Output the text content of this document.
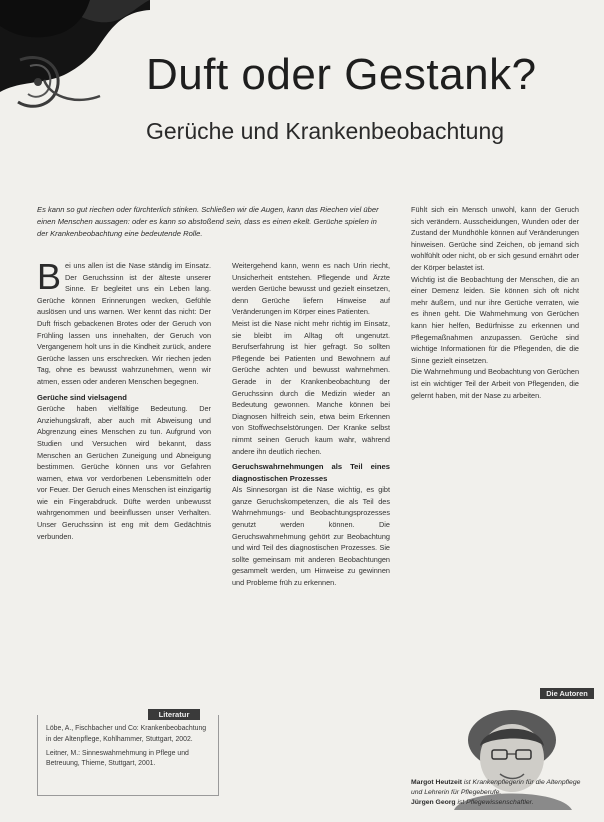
Duft oder Gestank?
Gerüche und Krankenbeobachtung
Es kann so gut riechen oder fürchterlich stinken. Schließen wir die Augen, kann das Riechen viel über einen Menschen aussagen: oder es kann so abstoßend sein, dass es einen ekelt. Gerüche spielen in der Krankenbeobachtung eine bedeutende Rolle.
B ei uns allen ist die Nase ständig im Einsatz. Der Geruchssinn ist der älteste unserer Sinne. Er begleitet uns ein Leben lang. Gerüche können Erinnerungen wecken, Gefühle auslösen und uns warnen. Wer kennt das nicht: Der Duft frisch gebackenen Brotes oder der Geruch von Frühling lassen uns innehalten, der Geruch von Vergangenem holt uns in die Kindheit zurück, andere Gerüche lassen uns erschrecken. Wir riechen jeden Tag, ohne es bewusst wahrzunehmen, wenn wir atmen, essen oder anderen Menschen begegnen.

Gerüche sind vielsagend

Gerüche haben vielfältige Bedeutung. Der Anziehungskraft, aber auch mit Abweisung und Abgrenzung eines Menschen zu tun. Aufgrund von Studien und Versuchen wird bekannt, dass Menschen an Gerüchen Zuneigung und Abneigung bestimmen. Gerüche können uns vor Gefahren warnen, etwa vor verdorbenen Lebensmitteln oder vor Feuer. Der Geruch eines Menschen ist einzigartig wie ein Fingerabdruck. Düfte werden unbewusst wahrgenommen und beeinflussen unser Verhalten. Unser Geruchssinn ist eng mit dem Gedächtnis verbunden.

Weitergehend kann, wenn es nach Urin riecht, Unsicherheit entstehen. Pflegende und Ärzte werden Gerüche bewusst und gezielt einsetzen, denn Gerüche liefern Hinweise auf Veränderungen im Körper eines Patienten.

Meist ist die Nase nicht mehr richtig im Einsatz, sie bleibt im Alltag oft ungenutzt. Berufserfahrung ist hier gefragt. So sollten Pflegende bei Patienten und Bewohnern auf Gerüche achten und bewusst wahrnehmen. Gerade in der Krankenbeobachtung der Geruchssinn durch die Medizin wieder an Bedeutung gewonnen. Manche können bei Diagnosen hilfreich sein, etwa beim Erkennen von Stoffwechselstörungen. Der Kranke selbst nimmt seinen Geruch kaum wahr, während andere ihn deutlich riechen.

Geruchswahrnehmungen als Teil eines diagnostischen Prozesses

Als Sinnesorgan ist die Nase wichtig, es gibt ganze Geruchskompetenzen, die als Teil des Wahrnehmungs- und Beobachtungsprozesses genutzt werden können. Die Geruchswahrnehmung gehört zur Beobachtung und wird Teil des diagnostischen Prozesses. Sie sollte gemeinsam mit anderen Beobachtungen gesammelt werden, um Hinweise zu gewinnen und Probleme früh zu erkennen.

Fühlt sich ein Mensch unwohl, kann der Geruch sich verändern. Ausscheidungen, Wunden oder der Zustand der Mundhöhle können auf Veränderungen hinweisen. Gerüche sind Zeichen, ob jemand sich wohlfühlt oder nicht, ob er sich gesund ernährt oder der Körper belastet ist.

Wichtig ist die Beobachtung der Menschen, die an einer Demenz leiden. Sie können sich oft nicht mehr äußern, und nur ihre Gerüche verraten, wie es ihnen geht. Die Wahrnehmung von Gerüchen kann hier helfen, Bedürfnisse zu erkennen und Pflegemaßnahmen anzupassen. Gerüche sind wichtige Informationen für die Pflegenden, die die Sinne gezielt einsetzen.

Die Wahrnehmung und Beobachtung von Gerüchen ist ein wichtiger Teil der Arbeit von Pflegenden, die gelernt haben, mit der Nase zu arbeiten.

Literatur

Löbe, A., Fischbacher und Co: Krankenbeobachtung in der Altenpflege, Kohlhammer, Stuttgart, 2002.

Leitner, M.: Sinneswahrnehmung in Pflege und Betreuung, Thieme, Stuttgart, 2001.

Die Autoren

Margot Heutzeit ist Krankenpflegerin für die Altenpflege und Lehrerin für Pflegeberufe.

Jürgen Georg ist Pflegewissenschaftler.
